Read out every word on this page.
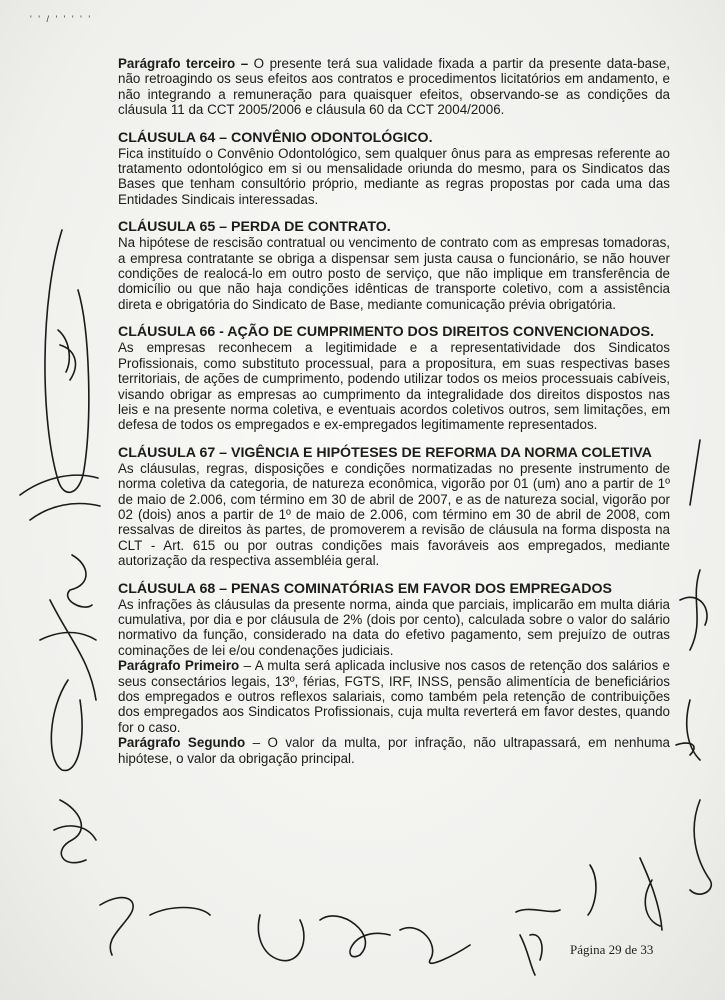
' ' / ' ' ' ' '

Parágrafo terceiro – O presente terá sua validade fixada a partir da presente data-base, não retroagindo os seus efeitos aos contratos e procedimentos licitatórios em andamento, e não integrando a remuneração para quaisquer efeitos, observando-se as condições da cláusula 11 da CCT 2005/2006 e cláusula 60 da CCT 2004/2006.

CLÁUSULA 64 – CONVÊNIO ODONTOLÓGICO.

Fica instituído o Convênio Odontológico, sem qualquer ônus para as empresas referente ao tratamento odontológico em si ou mensalidade oriunda do mesmo, para os Sindicatos das Bases que tenham consultório próprio, mediante as regras propostas por cada uma das Entidades Sindicais interessadas.

CLÁUSULA 65 – PERDA DE CONTRATO.

Na hipótese de rescisão contratual ou vencimento de contrato com as empresas tomadoras, a empresa contratante se obriga a dispensar sem justa causa o funcionário, se não houver condições de realocá-lo em outro posto de serviço, que não implique em transferência de domicílio ou que não haja condições idênticas de transporte coletivo, com a assistência direta e obrigatória do Sindicato de Base, mediante comunicação prévia obrigatória.

CLÁUSULA 66 - AÇÃO DE CUMPRIMENTO DOS DIREITOS CONVENCIONADOS.

As empresas reconhecem a legitimidade e a representatividade dos Sindicatos Profissionais, como substituto processual, para a propositura, em suas respectivas bases territoriais, de ações de cumprimento, podendo utilizar todos os meios processuais cabíveis, visando obrigar as empresas ao cumprimento da integralidade dos direitos dispostos nas leis e na presente norma coletiva, e eventuais acordos coletivos outros, sem limitações, em defesa de todos os empregados e ex-empregados legitimamente representados.

CLÁUSULA 67 – VIGÊNCIA E HIPÓTESES DE REFORMA DA NORMA COLETIVA

As cláusulas, regras, disposições e condições normatizadas no presente instrumento de norma coletiva da categoria, de natureza econômica, vigorão por 01 (um) ano a partir de 1º de maio de 2.006, com término em 30 de abril de 2007, e as de natureza social, vigorão por 02 (dois) anos a partir de 1º de maio de 2.006, com término em 30 de abril de 2008, com ressalvas de direitos às partes, de promoverem a revisão de cláusula na forma disposta na CLT - Art. 615 ou por outras condições mais favoráveis aos empregados, mediante autorização da respectiva assembléia geral.

CLÁUSULA 68 – PENAS COMINATÓRIAS EM FAVOR DOS EMPREGADOS

As infrações às cláusulas da presente norma, ainda que parciais, implicarão em multa diária cumulativa, por dia e por cláusula de 2% (dois por cento), calculada sobre o valor do salário normativo da função, considerado na data do efetivo pagamento, sem prejuízo de outras cominações de lei e/ou condenações judiciais.

Parágrafo Primeiro – A multa será aplicada inclusive nos casos de retenção dos salários e seus consectários legais, 13º, férias, FGTS, IRF, INSS, pensão alimentícia de beneficiários dos empregados e outros reflexos salariais, como também pela retenção de contribuições dos empregados aos Sindicatos Profissionais, cuja multa reverterá em favor destes, quando for o caso.

Parágrafo Segundo – O valor da multa, por infração, não ultrapassará, em nenhuma hipótese, o valor da obrigação principal.

Página 29 de 33
